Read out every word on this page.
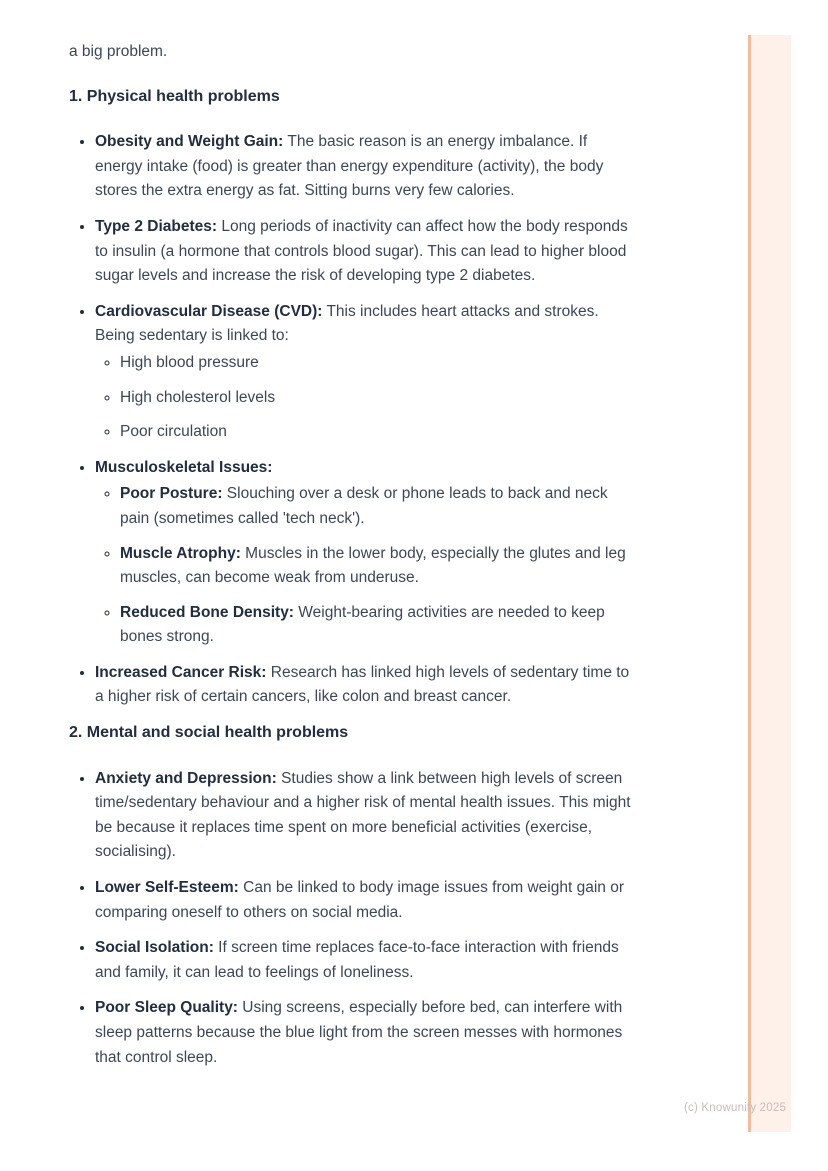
(c) Knowunity 2025

a big problem.

1. Physical health problems

• Obesity and Weight Gain: The basic reason is an energy imbalance. If energy intake (food) is greater than energy expenditure (activity), the body stores the extra energy as fat. Sitting burns very few calories.
• Type 2 Diabetes: Long periods of inactivity can affect how the body responds to insulin (a hormone that controls blood sugar). This can lead to higher blood sugar levels and increase the risk of developing type 2 diabetes.
• Cardiovascular Disease (CVD): This includes heart attacks and strokes. Being sedentary is linked to:
◦ High blood pressure
◦ High cholesterol levels
◦ Poor circulation
• Musculoskeletal Issues:
◦ Poor Posture: Slouching over a desk or phone leads to back and neck pain (sometimes called 'tech neck').
◦ Muscle Atrophy: Muscles in the lower body, especially the glutes and leg muscles, can become weak from underuse.
◦ Reduced Bone Density: Weight-bearing activities are needed to keep bones strong.
• Increased Cancer Risk: Research has linked high levels of sedentary time to a higher risk of certain cancers, like colon and breast cancer.

2. Mental and social health problems

• Anxiety and Depression: Studies show a link between high levels of screen time/sedentary behaviour and a higher risk of mental health issues. This might be because it replaces time spent on more beneficial activities (exercise, socialising).
• Lower Self-Esteem: Can be linked to body image issues from weight gain or comparing oneself to others on social media.
• Social Isolation: If screen time replaces face-to-face interaction with friends and family, it can lead to feelings of loneliness.
• Poor Sleep Quality: Using screens, especially before bed, can interfere with sleep patterns because the blue light from the screen messes with hormones that control sleep.
